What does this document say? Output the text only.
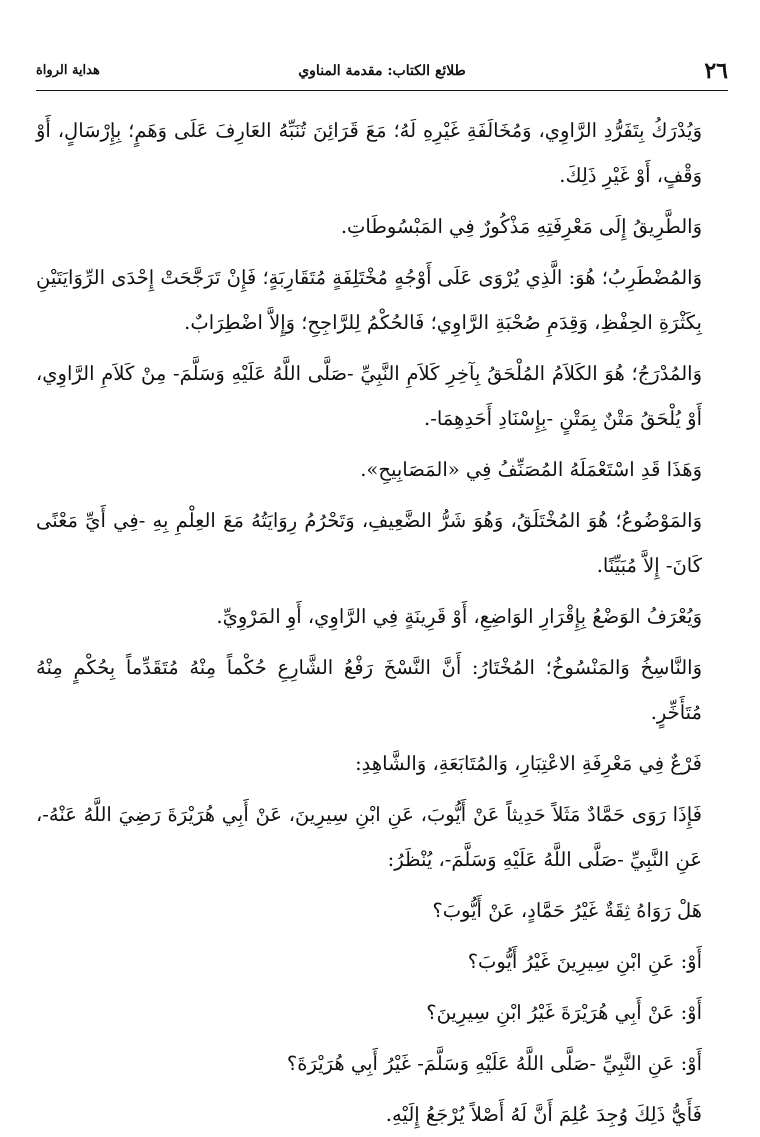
٢٦
طلائع الكتاب: مقدمة المناوي
هداية الرواة

وَيُدْرَكُ بِتَفَرُّدِ الرَّاوِي، وَمُخَالَفَةِ غَيْرِهِ لَهُ؛ مَعَ قَرَائِنَ تُنَبِّهُ العَارِفَ عَلَى وَهَمٍ؛ بِإِرْسَالٍ، أَوْ وَقْفٍ، أَوْ غَيْرِ ذَلِكَ.

وَالطَّرِيقُ إِلَى مَعْرِفَتِهِ مَذْكُورٌ فِي المَبْسُوطَاتِ.

وَالمُضْطَرِبُ؛ هُوَ: الَّذِي يُرْوَى عَلَى أَوْجُهٍ مُخْتَلِفَةٍ مُتَقَارِبَةٍ؛ فَإِنْ تَرَجَّحَتْ إِحْدَى الرِّوَايَتَيْنِ بِكَثْرَةِ الحِفْظِ، وَقِدَمِ صُحْبَةِ الرَّاوِي؛ فَالحُكْمُ لِلرَّاجِحِ؛ وَإِلاَّ اضْطِرَابٌ.

وَالمُدْرَجُ؛ هُوَ الكَلاَمُ المُلْحَقُ بِآخِرِ كَلاَمِ النَّبِيِّ -صَلَّى اللَّهُ عَلَيْهِ وَسَلَّمَ- مِنْ كَلاَمِ الرَّاوِي، أَوْ يُلْحَقُ مَتْنٌ بِمَتْنٍ -بِإِسْنَادِ أَحَدِهِمَا-.

وَهَذَا قَدِ اسْتَعْمَلَهُ المُصَنِّفُ فِي «المَصَابِيحِ».

وَالمَوْضُوعُ؛ هُوَ المُخْتَلَقُ، وَهُوَ شَرُّ الضَّعِيفِ، وَتَحْرُمُ رِوَايَتُهُ مَعَ العِلْمِ بِهِ -فِي أَيِّ مَعْنًى كَانَ- إِلاَّ مُبَيِّنًا.

وَيُعْرَفُ الوَضْعُ بِإِقْرَارِ الوَاضِعِ، أَوْ قَرِينَةٍ فِي الرَّاوِي، أَوِ المَرْوِيِّ.

وَالنَّاسِخُ وَالمَنْسُوخُ؛ المُخْتَارُ: أَنَّ النَّسْخَ رَفْعُ الشَّارِعِ حُكْماً مِنْهُ مُتَقَدِّماً بِحُكْمٍ مِنْهُ مُتَأَخِّرٍ.

فَرْعٌ فِي مَعْرِفَةِ الاعْتِبَارِ، وَالمُتَابَعَةِ، وَالشَّاهِدِ:

فَإِذَا رَوَى حَمَّادٌ مَثَلاً حَدِيثاً عَنْ أَيُّوبَ، عَنِ ابْنِ سِيرِينَ، عَنْ أَبِي هُرَيْرَةَ رَضِيَ اللَّهُ عَنْهُ-، عَنِ النَّبِيِّ -صَلَّى اللَّهُ عَلَيْهِ وَسَلَّمَ-، يُنْظَرُ:

هَلْ رَوَاهُ ثِقَةٌ غَيْرُ حَمَّادٍ، عَنْ أَيُّوبَ؟

أَوْ: عَنِ ابْنِ سِيرِينَ غَيْرُ أَيُّوبَ؟

أَوْ: عَنْ أَبِي هُرَيْرَةَ غَيْرُ ابْنِ سِيرِينَ؟

أَوْ: عَنِ النَّبِيِّ -صَلَّى اللَّهُ عَلَيْهِ وَسَلَّمَ- غَيْرُ أَبِي هُرَيْرَةَ؟

فَأَيُّ ذَلِكَ وُجِدَ عُلِمَ أَنَّ لَهُ أَصْلاً يُرْجَعُ إِلَيْهِ.
